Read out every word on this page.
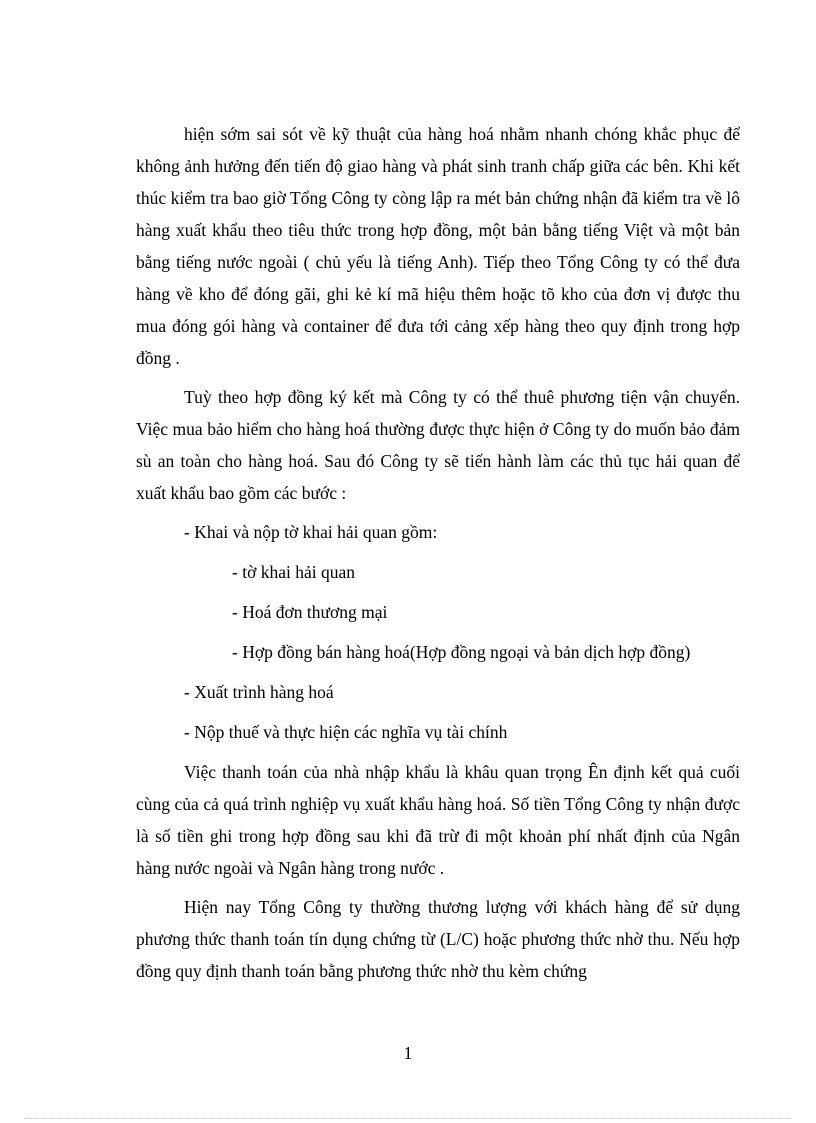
hiện sớm sai sót về kỹ thuật của hàng hoá nhằm nhanh chóng khắc phục để không ảnh hưởng đến tiến độ giao hàng và phát sinh tranh chấp giữa các bên. Khi kết thúc kiểm tra bao giờ Tổng Công ty còng lập ra mét bản chứng nhận đã kiểm tra về lô hàng xuất khẩu theo tiêu thức trong hợp đồng, một bản bằng tiếng Việt và một bản bằng tiếng nước ngoài ( chủ yếu là tiếng Anh). Tiếp theo Tổng Công ty có thể đưa hàng về kho để đóng gãi, ghi kẻ kí mã hiệu thêm hoặc tõ kho của đơn vị được thu mua đóng gói hàng và container để đưa tới cảng xếp hàng theo quy định trong hợp đồng .

Tuỳ theo hợp đồng ký kết mà Công ty có thể thuê phương tiện vận chuyển. Việc mua bảo hiểm cho hàng hoá thường được thực hiện ở Công ty do muốn bảo đảm sù an toàn cho hàng hoá. Sau đó Công ty sẽ tiến hành làm các thủ tục hải quan để xuất khẩu bao gồm các bước :

- Khai và nộp tờ khai hải quan gồm:

- tờ khai hải quan

- Hoá đơn thương mại

- Hợp đồng bán hàng hoá(Hợp đồng ngoại và bản dịch hợp đồng)

- Xuất trình hàng hoá

- Nộp thuế và thực hiện các nghĩa vụ tài chính

Việc thanh toán của nhà nhập khẩu là khâu quan trọng Ên định kết quả cuối cùng của cả quá trình nghiệp vụ xuất khẩu hàng hoá. Số tiền Tổng Công ty nhận được là số tiền ghi trong hợp đồng sau khi đã trừ đi một khoản phí nhất định của Ngân hàng nước ngoài và Ngân hàng trong nước .

Hiện nay Tổng Công ty thường thương lượng với khách hàng để sử dụng phương thức thanh toán tín dụng chứng từ (L/C) hoặc phương thức nhờ thu. Nếu hợp đồng quy định thanh toán bằng phương thức nhờ thu kèm chứng

1
